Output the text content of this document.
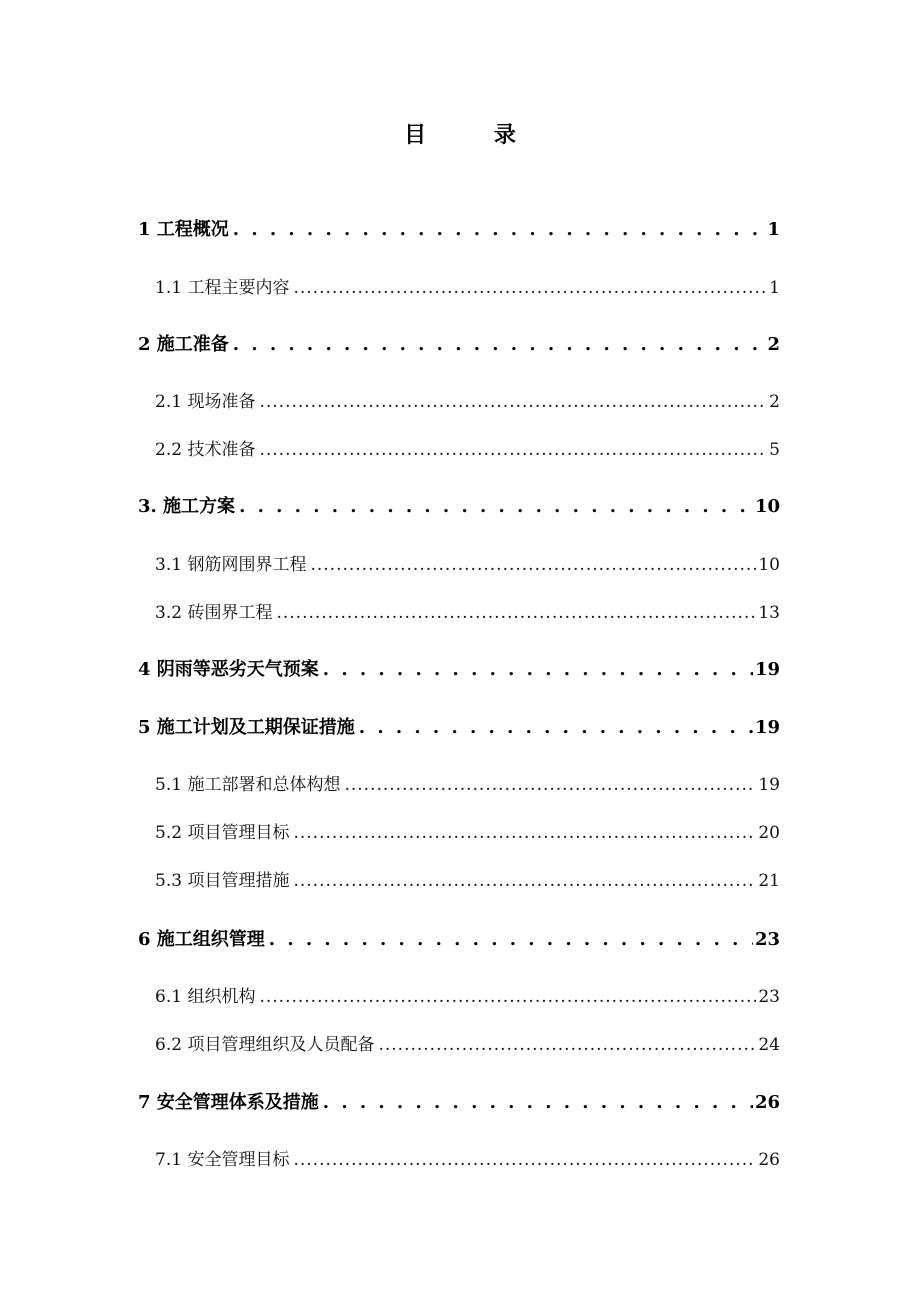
目 录
1 工程概况 . . .	1
1.1 工程主要内容 .....	1
2 施工准备 . . .	2
2.1 现场准备 .....	2
2.2 技术准备 .....	5
3. 施工方案 . . .	10
3.1 钢筋网围界工程 .....	10
3.2 砖围界工程 .....	13
4 阴雨等恶劣天气预案 . . .	19
5 施工计划及工期保证措施 . . .	19
5.1 施工部署和总体构想 .....	19
5.2 项目管理目标 .....	20
5.3 项目管理措施 .....	21
6 施工组织管理 . . .	23
6.1 组织机构 .....	23
6.2 项目管理组织及人员配备 .....	24
7 安全管理体系及措施 . . .	26
7.1 安全管理目标 .....	26
